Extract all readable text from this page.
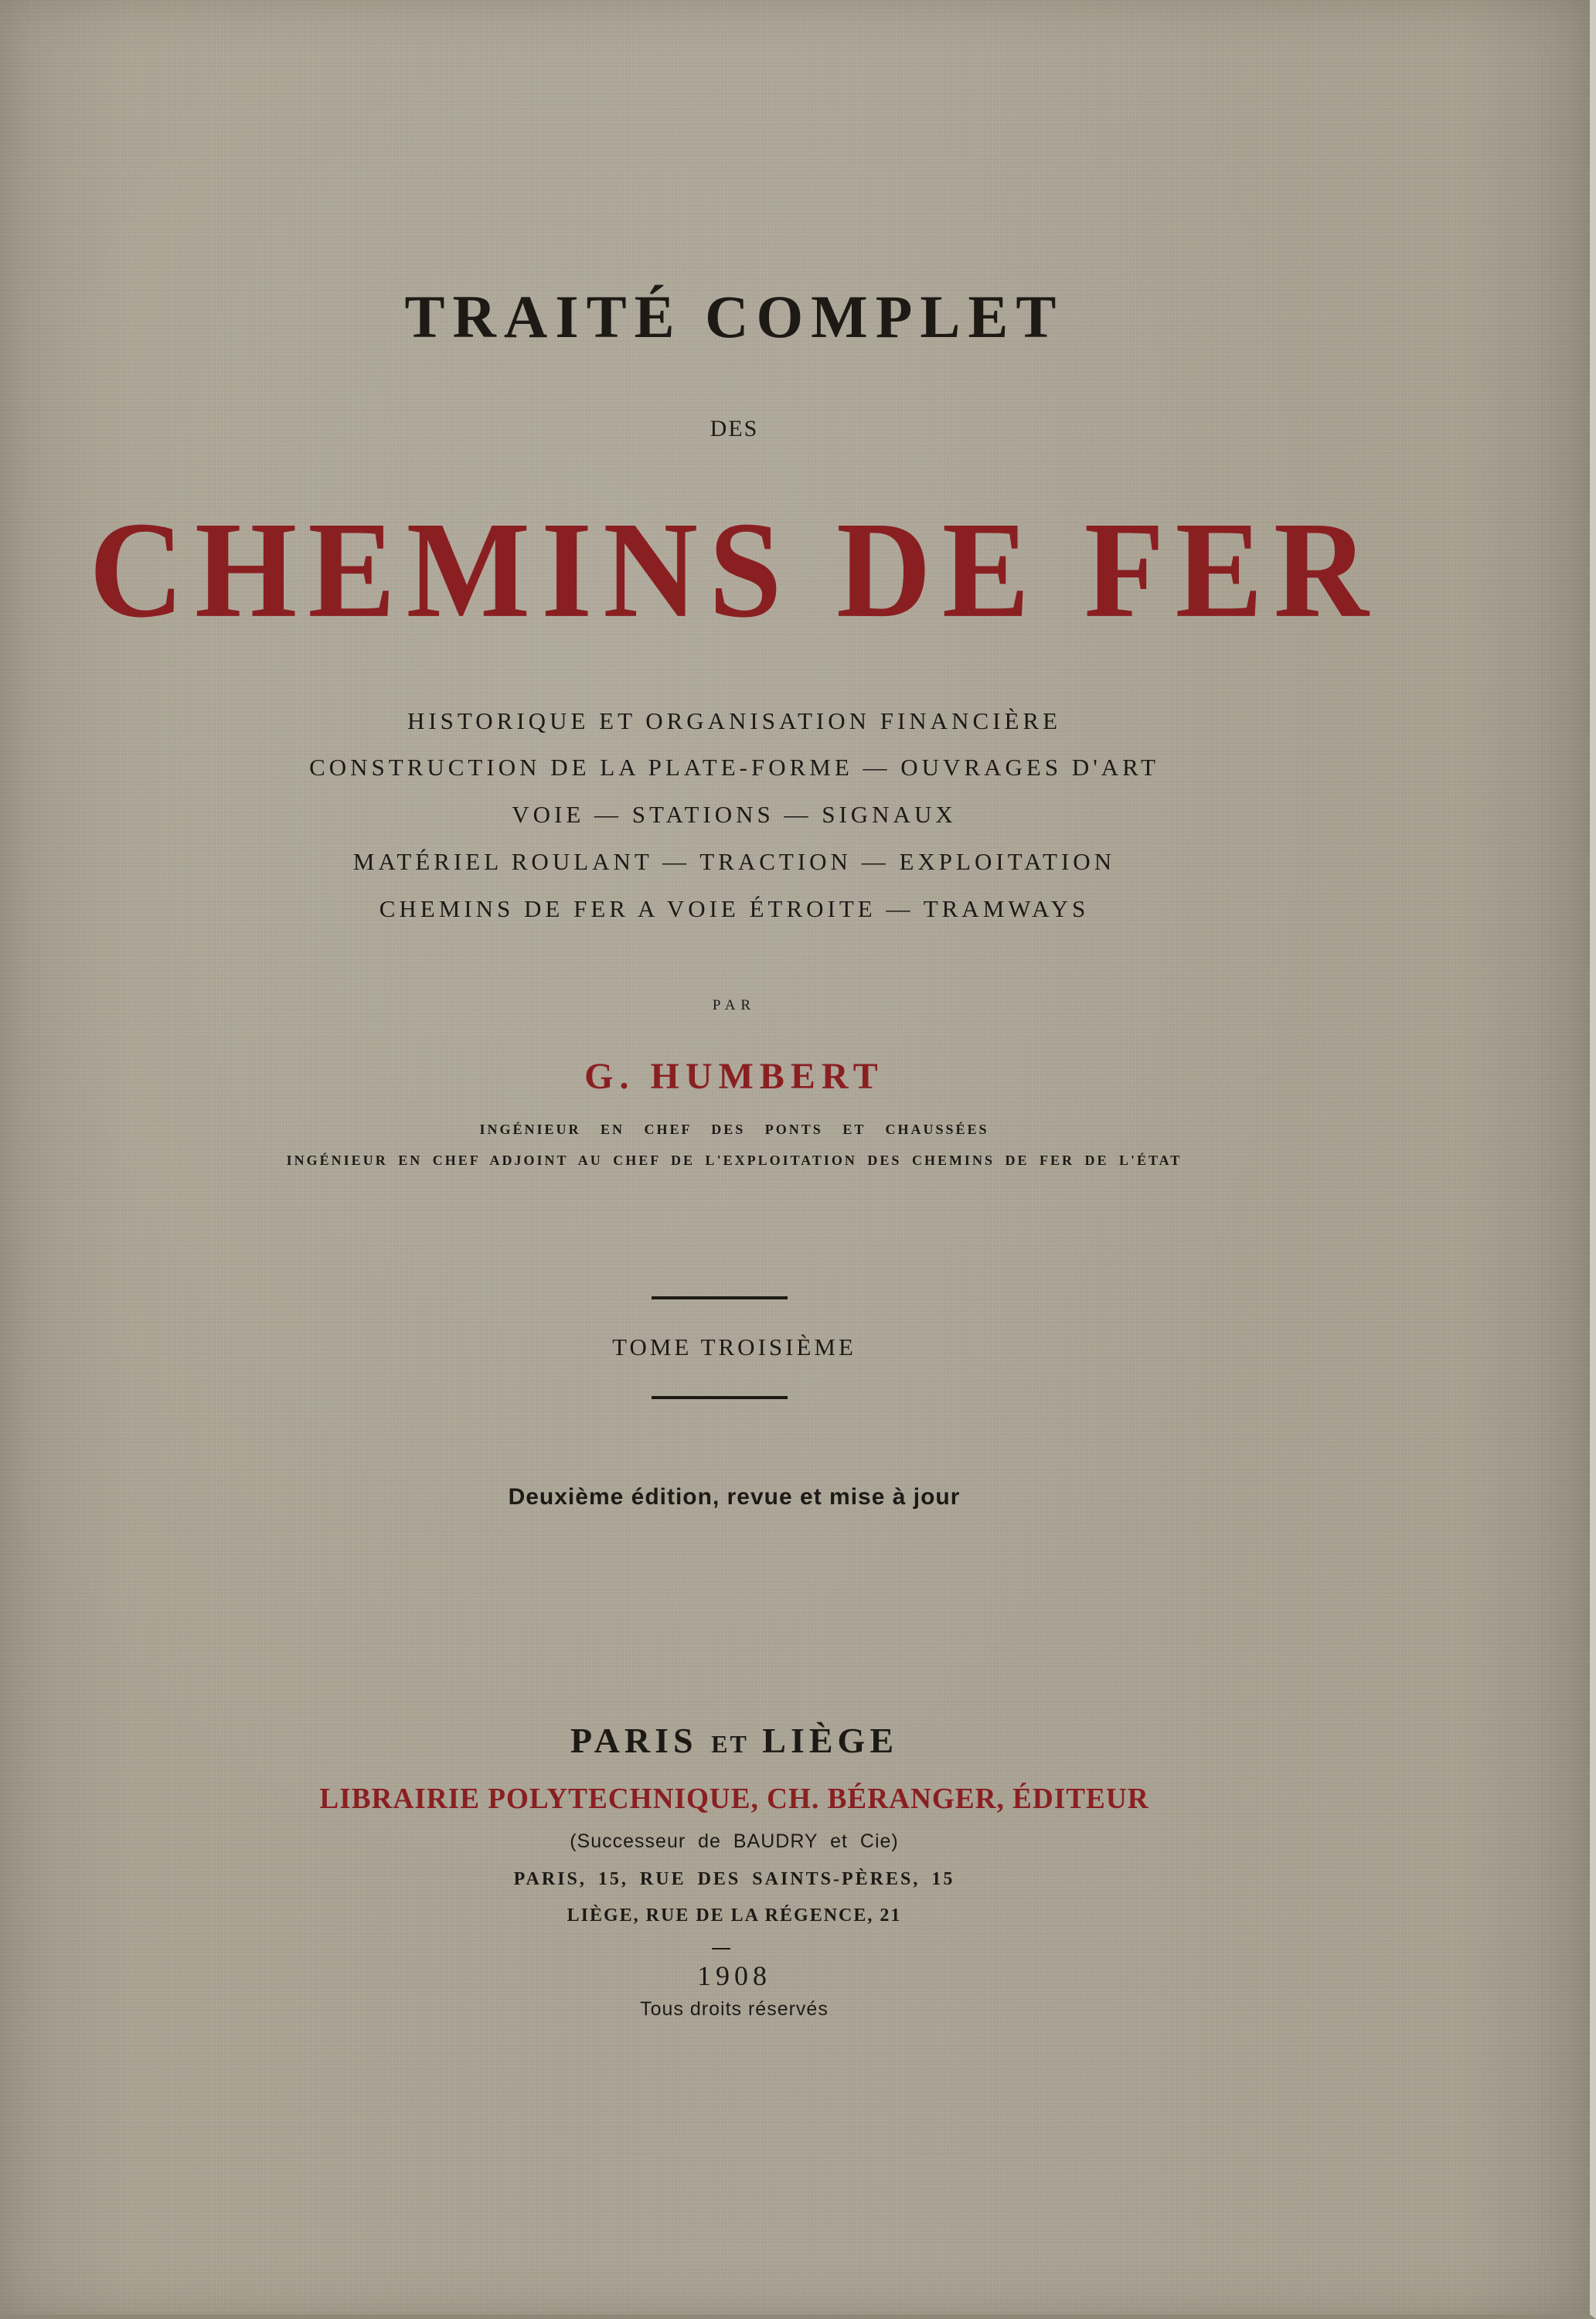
TRAITÉ COMPLET
DES
CHEMINS DE FER
HISTORIQUE ET ORGANISATION FINANCIÈRE
CONSTRUCTION DE LA PLATE-FORME — OUVRAGES D'ART
VOIE — STATIONS — SIGNAUX
MATÉRIEL ROULANT — TRACTION — EXPLOITATION
CHEMINS DE FER A VOIE ÉTROITE — TRAMWAYS
PAR
G. HUMBERT
INGÉNIEUR EN CHEF DES PONTS ET CHAUSSÉES
INGÉNIEUR EN CHEF ADJOINT AU CHEF DE L'EXPLOITATION DES CHEMINS DE FER DE L'ÉTAT
TOME TROISIÈME
Deuxième édition, revue et mise à jour
PARIS ET LIÈGE
LIBRAIRIE POLYTECHNIQUE, CH. BÉRANGER, ÉDITEUR
(Successeur de BAUDRY et Cie)
PARIS, 15, RUE DES SAINTS-PÈRES, 15
LIÈGE, RUE DE LA RÉGENCE, 21
1908
Tous droits réservés
